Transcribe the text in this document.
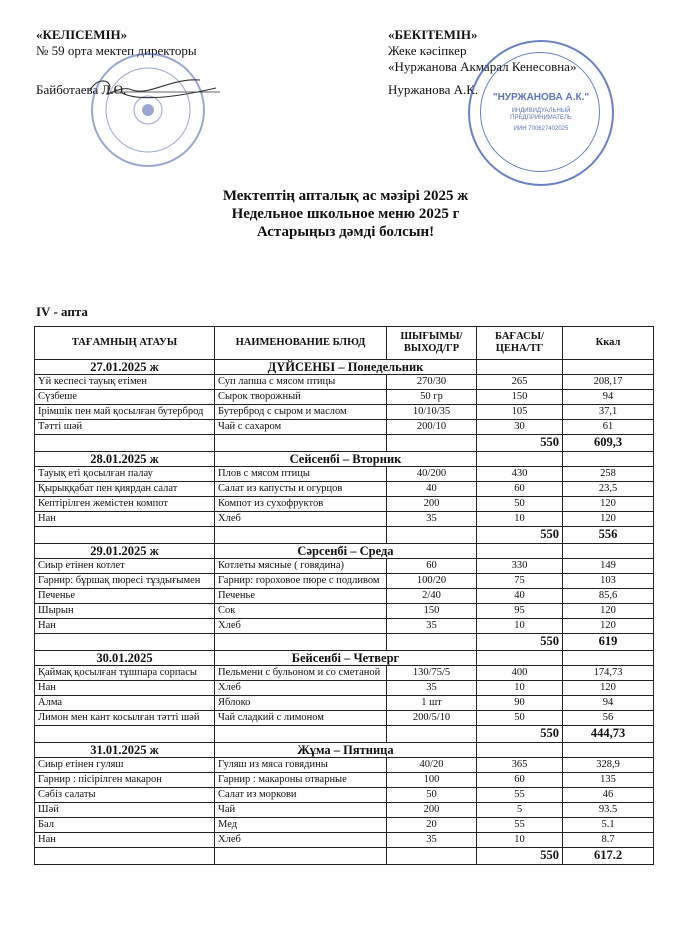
«КЕЛІСЕМІН»
№ 59 орта мектеп директоры
Байботаева Л.Ө.
«БЕКІТЕМІН»
Жеке кәсіпкер
«Нуржанова Акмарал Кенесовна»
Нуржанова А.К.
"НУРЖАНОВА А.К."
ИНДИВИДУАЛЬНЫЙ ПРЕДПРИНИМАТЕЛЬ
ИИН 700627402025
Мектептің апталық ас мәзірі 2025 ж
Недельное школьное меню 2025 г
Астарыңыз дәмді болсын!
IV - апта
ТАҒАМНЫҢ АТАУЫ	НАИМЕНОВАНИЕ БЛЮД	ШЫҒЫМЫ/ ВЫХОД/ГР	БАҒАСЫ/ ЦЕНА/ТГ	Ккал
27.01.2025 ж	ДҮЙСЕНБІ – Понедельник			
Үй кеспесі тауық етімен	Суп лапша с мясом птицы	270/30	265	208,17
Сүзбеше	Сырок творожный	50 гр	150	94
Ірімшік пен май қосылған бутерброд	Бутерброд с сыром и маслом	10/10/35	105	37,1
Тәтті шәй	Чай с сахаром	200/10	30	61
			550	609,3
28.01.2025 ж	Сейсенбі – Вторник			
Тауық еті қосылған палау	Плов с мясом птицы	40/200	430	258
Қырыққабат пен қиярдан салат	Салат из капусты и огурцов	40	60	23,5
Кептірілген жемістен компот	Компот из сухофруктов	200	50	120
Нан	Хлеб	35	10	120
			550	556
29.01.2025 ж	Сәрсенбі – Среда			
Сиыр етінен котлет	Котлеты мясные ( говядина)	60	330	149
Гарнир: бұршақ пюресі тұздығымен	Гарнир: гороховое пюре с подливом	100/20	75	103
Печенье	Печенье	2/40	40	85,6
Шырын	Сок	150	95	120
Нан	Хлеб	35	10	120
			550	619
30.01.2025	Бейсенбі – Четверг			
Қаймақ қосылған тұшпара сорпасы	Пельмени с бульоном и со сметаной	130/75/5	400	174,73
Нан	Хлеб	35	10	120
Алма	Яблоко	1 шт	90	94
Лимон мен кант косылған тәтті шәй	Чай сладкий с лимоном	200/5/10	50	56
			550	444,73
31.01.2025 ж	Жұма – Пятница			
Сиыр етінен гуляш	Гуляш из мяса говядины	40/20	365	328,9
Гарнир : пісірілген макарон	Гарнир : макароны отварные	100	60	135
Сәбіз салаты	Салат из моркови	50	55	46
Шәй	Чай	200	5	93.5
Бал	Мед	20	55	5.1
Нан	Хлеб	35	10	8.7
			550	617.2
